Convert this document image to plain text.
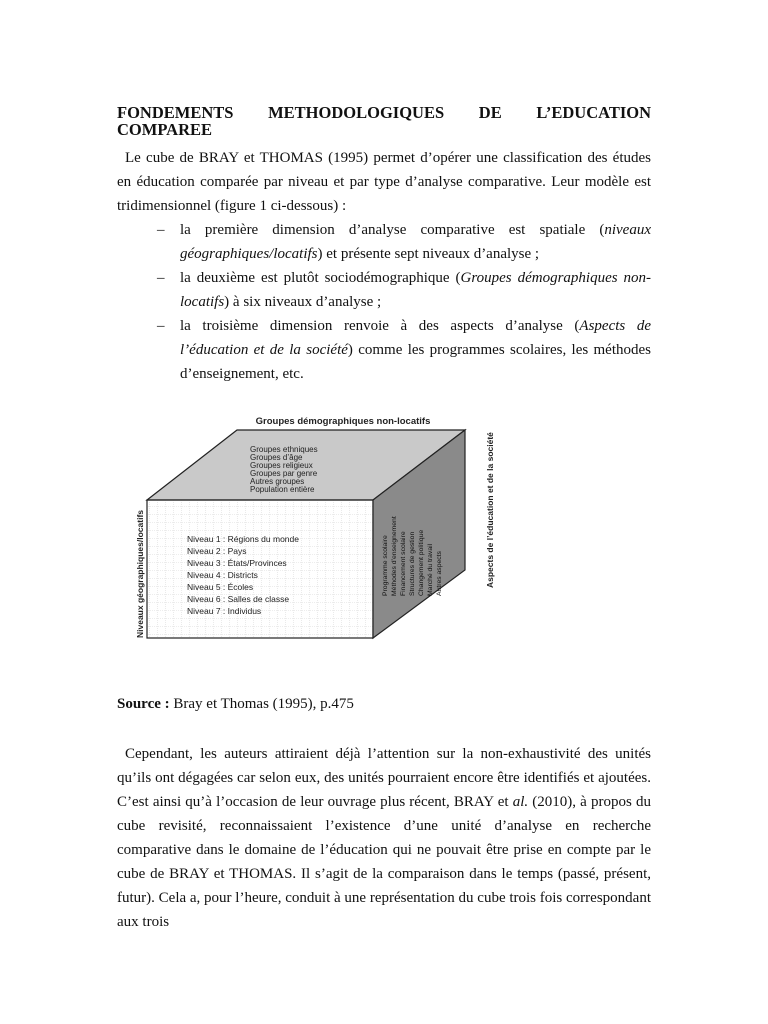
FONDEMENTS METHODOLOGIQUES DE L’EDUCATION

COMPAREE

Le cube de BRAY et THOMAS (1995) permet d’opérer une classification des études en éducation comparée par niveau et par type d’analyse comparative. Leur modèle est tridimensionnel (figure 1 ci-dessous) :

– la première dimension d’analyse comparative est spatiale (niveaux géographiques/locatifs) et présente sept niveaux d’analyse ;
– la deuxième est plutôt sociodémographique (Groupes démographiques non- locatifs) à six niveaux d’analyse ;
– la troisième dimension renvoie à des aspects d’analyse (Aspects de l’éducation et de la société) comme les programmes scolaires, les méthodes d’enseignement, etc.
Groupes démographiques non-locatifs
Groupes ethniques
Groupes d’âge
Groupes religieux
Groupes par genre
Autres groupes
Population entière
Niveau 1 : Régions du monde
Niveau 2 : Pays
Niveau 3 : États/Provinces
Niveau 4 : Districts
Niveau 5 : Écoles
Niveau 6 : Salles de classe
Niveau 7 : Individus
Niveaux géographiques/locatifs	Programme scolaire Méthodes d’enseignement Financement scolaire Structures de gestion Changement politique Marché du travail Autres aspects	Aspects de l’éducation et de la société
Source : Bray et Thomas (1995), p.475

Cependant, les auteurs attiraient déjà l’attention sur la non-exhaustivité des unités qu’ils ont dégagées car selon eux, des unités pourraient encore être identifiés et ajoutées. C’est ainsi qu’à l’occasion de leur ouvrage plus récent, BRAY et al. (2010), à propos du cube revisité, reconnaissaient l’existence d’une unité d’analyse en recherche comparative dans le domaine de l’éducation qui ne pouvait être prise en compte par le cube de BRAY et THOMAS. Il s’agit de la comparaison dans le temps (passé, présent, futur). Cela a, pour l’heure, conduit à une représentation du cube trois fois correspondant aux trois
